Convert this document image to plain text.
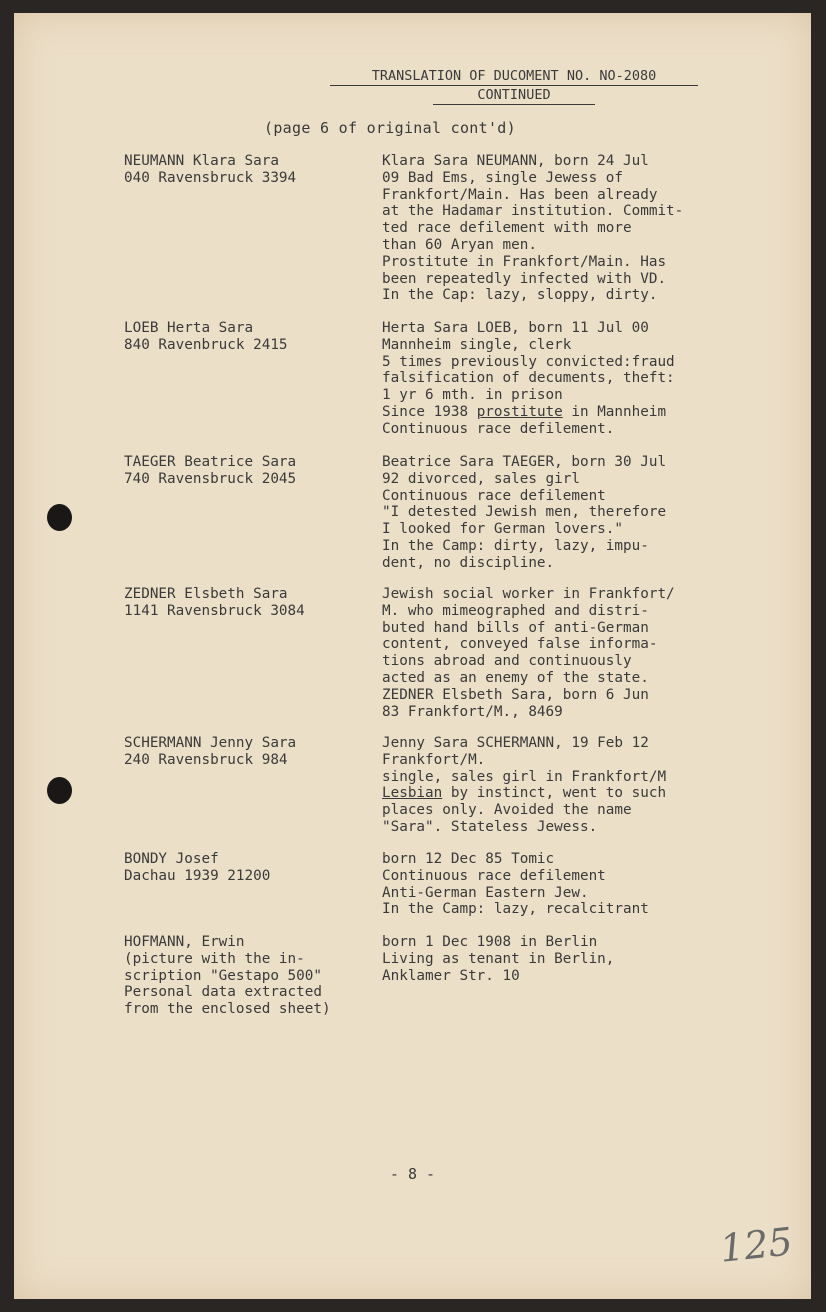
TRANSLATION OF DUCOMENT NO. NO-2080
CONTINUED
(page 6 of original cont'd)
NEUMANN Klara Sara
040 Ravensbruck 3394
Klara Sara NEUMANN, born 24 Jul
09 Bad Ems, single Jewess of
Frankfort/Main. Has been already
at the Hadamar institution. Commit-
ted race defilement with more
than 60 Aryan men.
Prostitute in Frankfort/Main. Has
been repeatedly infected with VD.
In the Cap: lazy, sloppy, dirty.
LOEB Herta Sara
840 Ravenbruck 2415
Herta Sara LOEB, born 11 Jul 00
Mannheim single, clerk
5 times previously convicted:fraud
falsification of decuments, theft:
1 yr 6 mth. in prison
Since 1938 prostitute in Mannheim
Continuous race defilement.
TAEGER Beatrice Sara
740 Ravensbruck 2045
Beatrice Sara TAEGER, born 30 Jul
92 divorced, sales girl
Continuous race defilement
"I detested Jewish men, therefore
I looked for German lovers."
In the Camp: dirty, lazy, impu-
dent, no discipline.
ZEDNER Elsbeth Sara
1141 Ravensbruck 3084
Jewish social worker in Frankfort/
M. who mimeographed and distri-
buted hand bills of anti-German
content, conveyed false informa-
tions abroad and continuously
acted as an enemy of the state.
ZEDNER Elsbeth Sara, born 6 Jun
83 Frankfort/M., 8469
SCHERMANN Jenny Sara
240 Ravensbruck 984
Jenny Sara SCHERMANN, 19 Feb 12
Frankfort/M.
single, sales girl in Frankfort/M
Lesbian by instinct, went to such
places only. Avoided the name
"Sara". Stateless Jewess.
BONDY Josef
Dachau 1939 21200
born 12 Dec 85 Tomic
Continuous race defilement
Anti-German Eastern Jew.
In the Camp: lazy, recalcitrant
HOFMANN, Erwin
(picture with the in-
scription "Gestapo 500"
Personal data extracted
from the enclosed sheet)
born 1 Dec 1908 in Berlin
Living as tenant in Berlin,
Anklamer Str. 10
- 8 -
125
